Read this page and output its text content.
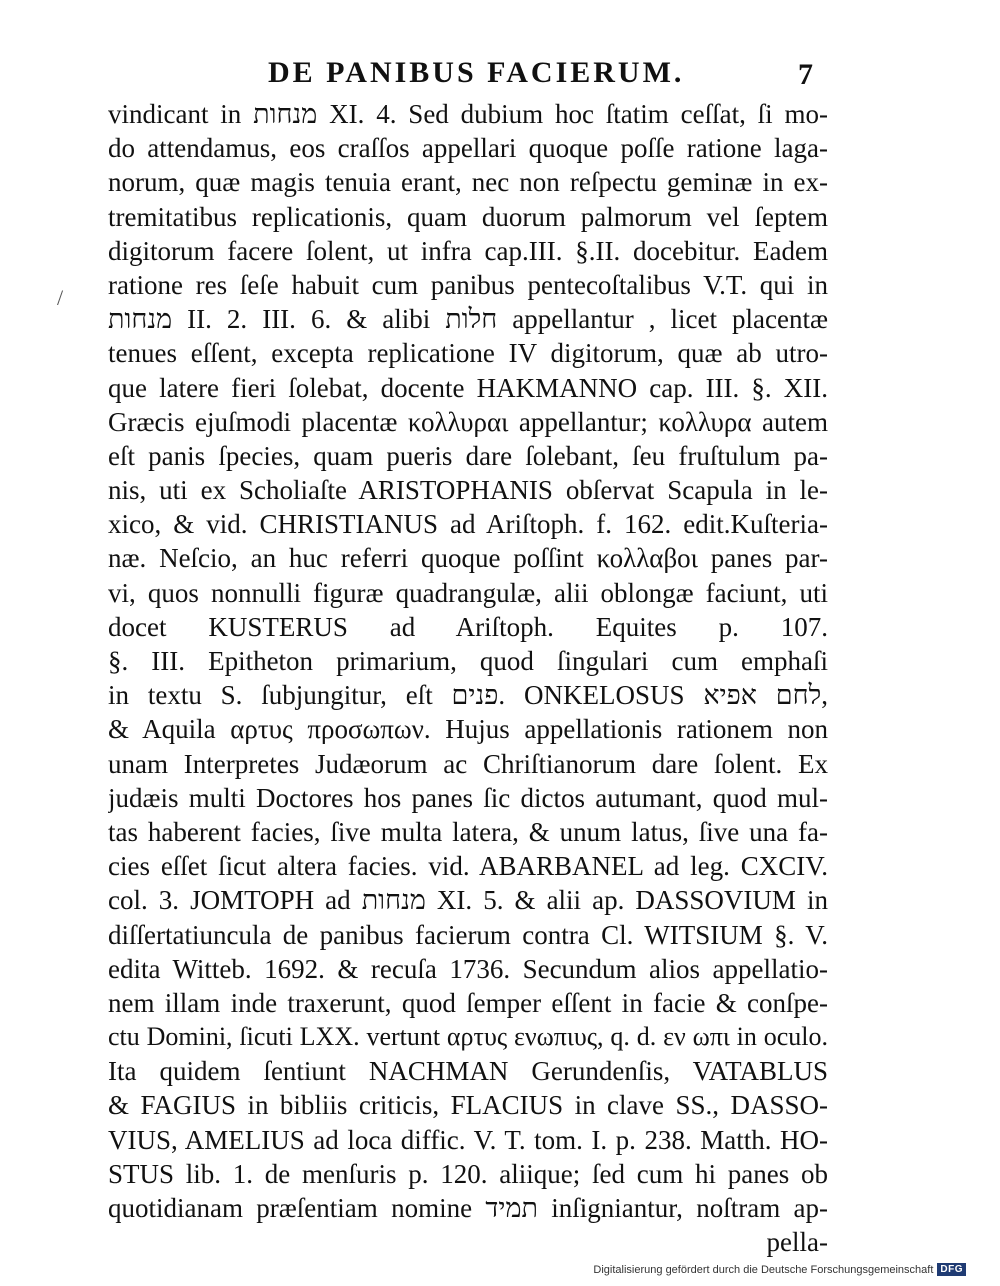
DE PANIBUS FACIERUM.	7
/
vindicant in מנחות XI. 4. Sed dubium hoc ſtatim ceſſat, ſi mo-
do attendamus, eos craſſos appellari quoque poſſe ratione laga-
norum, quæ magis tenuia erant, nec non reſpectu geminæ in ex-
tremitatibus replicationis, quam duorum palmorum vel ſeptem
digitorum facere ſolent, ut infra cap.III. §.II. docebitur. Eadem
ratione res ſeſe habuit cum panibus pentecoſtalibus V.T. qui in
מנחות II. 2. III. 6. & alibi חלות appellantur , licet placentæ
tenues eſſent, excepta replicatione IV digitorum, quæ ab utro-
que latere fieri ſolebat, docente HAKMANNO cap. III. §. XII.
Græcis ejuſmodi placentæ κολλυραι appellantur; κολλυρα autem
eſt panis ſpecies, quam pueris dare ſolebant, ſeu fruſtulum pa-
nis, uti ex Scholiaſte ARISTOPHANIS obſervat Scapula in le-
xico, & vid. CHRISTIANUS ad Ariſtoph. f. 162. edit.Kuſteria-
næ. Neſcio, an huc referri quoque poſſint κολλαβοι panes par-
vi, quos nonnulli figuræ quadrangulæ, alii oblongæ faciunt, uti
docet KUSTERUS ad Ariſtoph. Equites p. 107.
§. III. Epitheton primarium, quod ſingulari cum emphaſi
in textu S. ſubjungitur, eſt פנים. ONKELOSUS לחם אפיא,
& Aquila αρτυς προσωπων. Hujus appellationis rationem non
unam Interpretes Judæorum ac Chriſtianorum dare ſolent. Ex
judæis multi Doctores hos panes ſic dictos autumant, quod mul-
tas haberent facies, ſive multa latera, & unum latus, ſive una fa-
cies eſſet ſicut altera facies. vid. ABARBANEL ad leg. CXCIV.
col. 3. JOMTOPH ad מנחות XI. 5. & alii ap. DASSOVIUM in
diſſertatiuncula de panibus facierum contra Cl. WITSIUM §. V.
edita Witteb. 1692. & recuſa 1736. Secundum alios appellatio-
nem illam inde traxerunt, quod ſemper eſſent in facie & conſpe-
ctu Domini, ſicuti LXX. vertunt αρτυς ενωπιυς, q. d. εν ωπι in oculo.
Ita quidem ſentiunt NACHMAN Gerundenſis, VATABLUS
& FAGIUS in bibliis criticis, FLACIUS in clave SS., DASSO-
VIUS, AMELIUS ad loca diffic. V. T. tom. I. p. 238. Matth. HO-
STUS lib. 1. de menſuris p. 120. aliique; ſed cum hi panes ob
quotidianam præſentiam nomine תמיד inſigniantur, noſtram ap-
pella-
Digitalisierung gefördert durch die Deutsche Forschungsgemeinschaft DFG
